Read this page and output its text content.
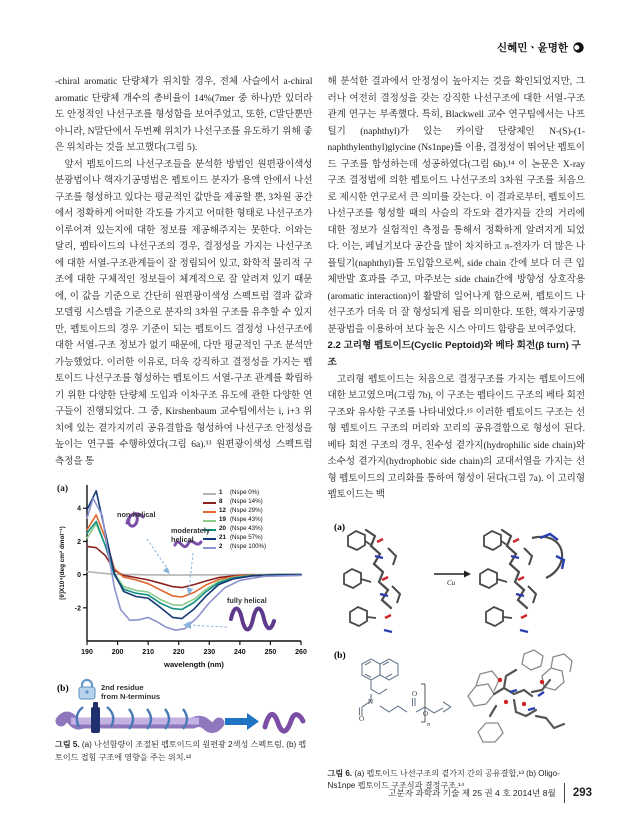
신혜민ㆍ윤명한

-chiral aromatic 단량체가 위치할 경우, 전체 사슬에서 a-chiral aromatic 단량체 개수의 총비율이 14%(7mer 중 하나)만 있더라도 안정적인 나선구조를 형성함을 보여주었고, 또한, C말단뿐만 아니라, N말단에서 두번째 위치가 나선구조를 유도하기 위해 좋은 위치라는 것을 보고했다(그림 5).

앞서 펩토이드의 나선구조들을 분석한 방법인 원편광이색성 분광법이나 핵자기공명법은 펩토이드 분자가 용액 안에서 나선구조를 형성하고 있다는 평균적인 값만을 제공할 뿐, 3차원 공간에서 정확하게 어떠한 각도를 가지고 어떠한 형태로 나선구조가 이루어져 있는지에 대한 정보를 제공해주지는 못한다. 이와는 달리, 펩타이드의 나선구조의 경우, 결정성을 가지는 나선구조에 대한 서열-구조관계들이 잘 정립되어 있고, 화학적 물리적 구조에 대한 구체적인 정보들이 체계적으로 잘 알려져 있기 때문에, 이 값을 기준으로 간단히 원편광이색성 스펙트럼 결과 값과 모델링 시스템을 기준으로 분자의 3차원 구조를 유추할 수 있지만, 펩토이드의 경우 기준이 되는 펩토이드 결정성 나선구조에 대한 서열-구조 정보가 없기 때문에, 다만 평균적인 구조 분석만 가능했었다. 이러한 이유로, 더욱 강직하고 결정성을 가지는 펩토이드 나선구조를 형성하는 펩토이드 서열-구조 관계를 확립하기 위한 다양한 단량체 도입과 이차구조 유도에 관한 다양한 연구들이 진행되었다. 그 중, Kirshenbaum 교수팀에서는 i, i+3 위치에 있는 곁가지끼리 공유결합을 형성하여 나선구조 안정성을 높이는 연구를 수행하였다(그림 6a).¹³ 원편광이색성 스펙트럼 측정을 통

(a)
190	200	210	220	230	240	250	260
-2
0
2
4
wavelength (nm)
[θ]X10⁴(deg cm² dmol⁻¹)
1	(Nspe 0%)
8	(Nspe 14%)
12 (Nspe 29%)
19 (Nspe 43%)
20 (Nspe 43%)
21 (Nspe 57%)
2	(Nspe 100%)
non-helical
moderately
helical
fully helical
(b)	2nd residue
from N-terminus

그림 5. (a) 나선함량이 조절된 펩토이드의 원편광 2색성 스펙트럼, (b) 펩토이드 접힘 구조에 영향을 주는 위치.¹²

해 분석한 결과에서 안정성이 높아지는 것을 확인되었지만, 그러나 여전히 결정성을 갖는 강직한 나선구조에 대한 서열-구조 관계 연구는 부족했다. 특히, Blackwell 교수 연구팀에서는 나프틸기 (naphthyl)가 있는 카이랄 단량체인 N-(S)-(1-naphthylenthyl)glycine (Ns1npe)를 이용, 결정성이 뛰어난 펩토이드 구조를 합성하는데 성공하였다(그림 6b).¹⁴ 이 논문은 X-ray 구조 결정법에 의한 펩토이드 나선구조의 3차원 구조를 처음으로 제시한 연구로서 큰 의미를 갖는다. 이 결과로부터, 펩토이드 나선구조를 형성할 때의 사슬의 각도와 곁가지들 간의 거리에 대한 정보가 실험적인 측정을 통해서 정확하게 알려지게 되었다. 이는, 페닐기보다 공간을 많이 차지하고 π-전자가 더 많은 나플틸기(naphthyl)를 도입함으로써, side chain 간에 보다 더 큰 입체반발 효과를 주고, 마주보는 side chain간에 방향성 상호작용 (aromatic interaction)이 활발히 일어나게 함으로써, 펩토이드 나선구조가 더욱 더 잘 형성되게 됨을 의미한다. 또한, 핵자기공명 분광법을 이용하여 보다 높은 시스 아미드 함량을 보여주었다.

2.2 고리형 펩토이드(Cyclic Peptoid)와 베타 회전(β turn) 구조

고리형 펩토이드는 처음으로 결정구조를 가지는 펩토이드에 대한 보고였으며(그림 7b), 이 구조는 펩타이드 구조의 베타 회전구조와 유사한 구조를 나타내었다.¹⁵ 이러한 펩토이드 구조는 선형 펩토이드 구조의 머리와 꼬리의 공유결합으로 형성이 된다. 베타 회전 구조의 경우, 친수성 곁가지(hydrophilic side chain)와 소수성 곁가지(hydrophobic side chain)의 교대서열을 가지는 선형 펩토이드의 고리화를 통하여 형성이 된다(그림 7a). 이 고리형 펩토이드는 백

(a)
Cu
(b)
N
O
O
O
n

그림 6. (a) 펩토이드 나선구조의 곁가지 간의 공유결합,¹³ (b) Oligo-Ns1npe 펩토이드 구조식과 결정구조.¹⁴

고분자 과학과 기술 제 25 권 4 호 2014년 8월 293
